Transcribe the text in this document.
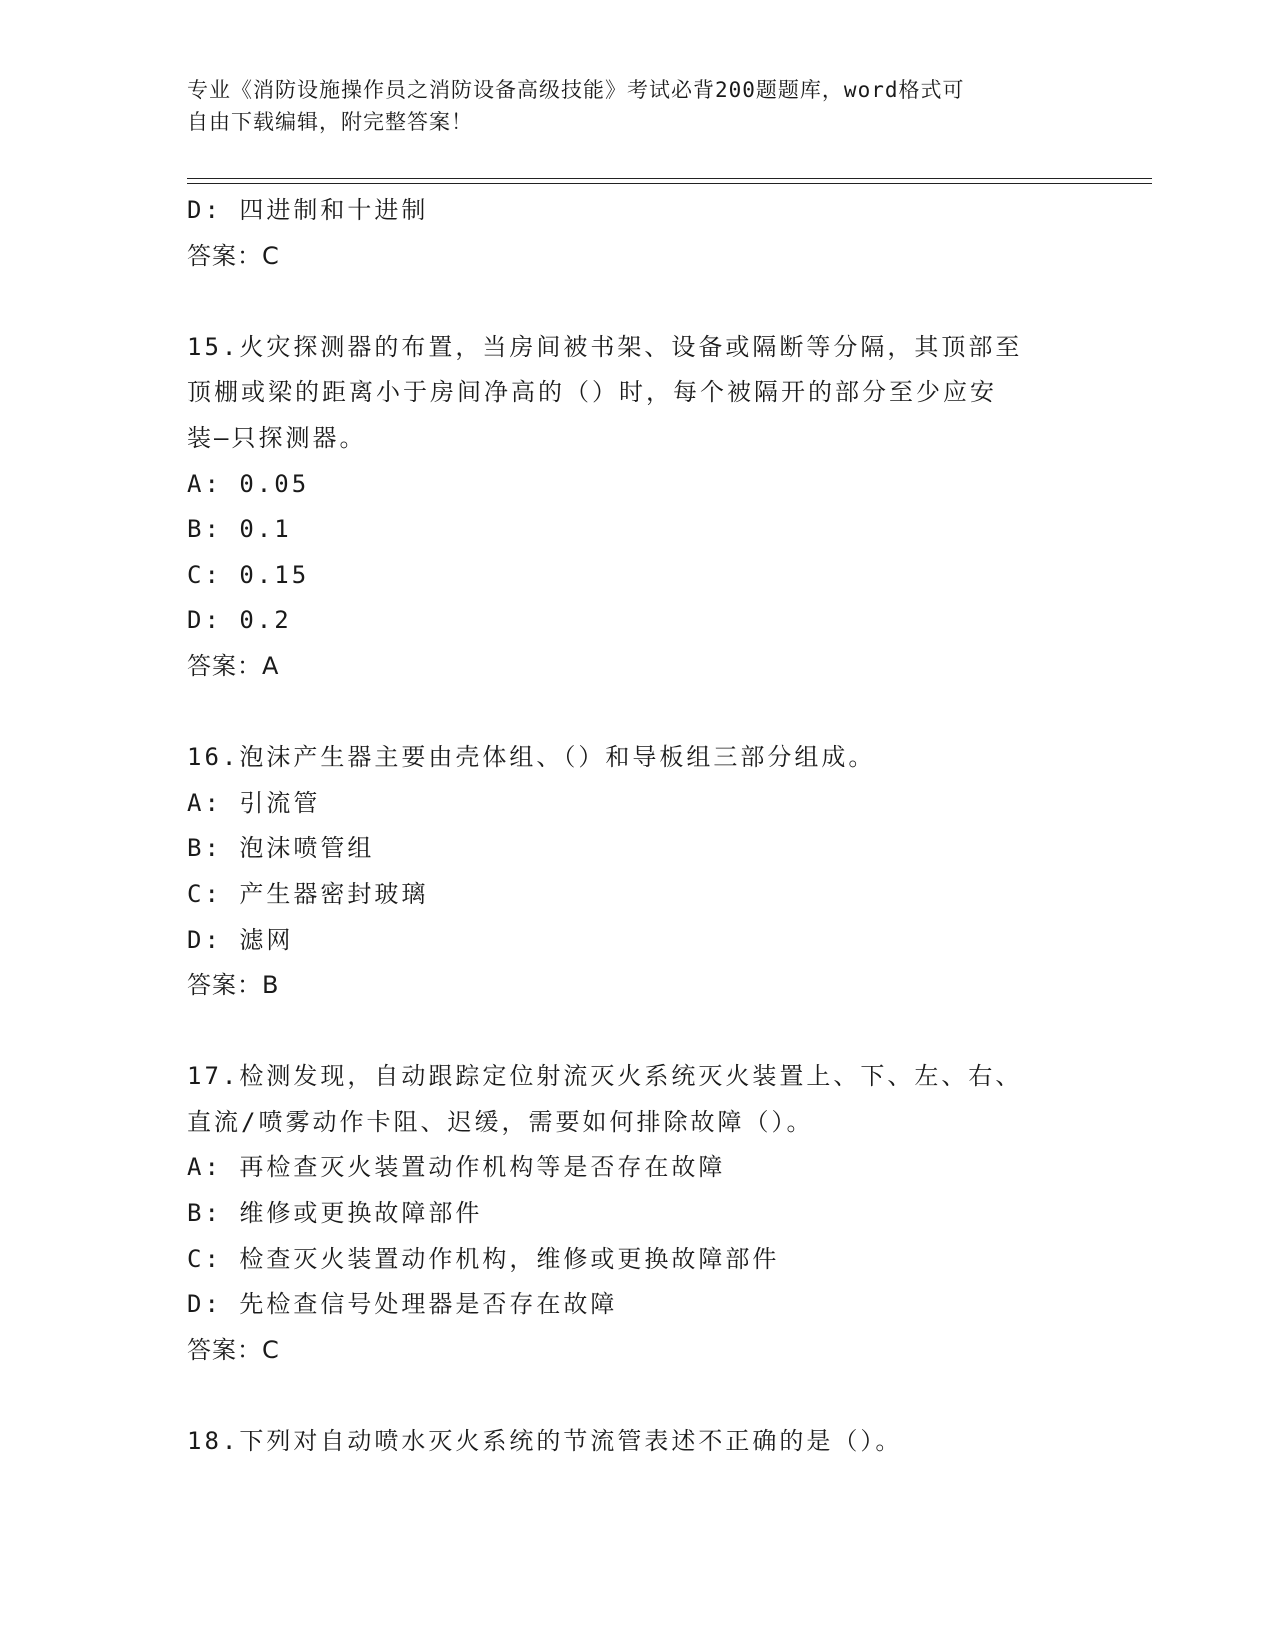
专业《消防设施操作员之消防设备高级技能》考试必背200题题库，word格式可
自由下载编辑，附完整答案！
D: 四进制和十进制
答案：C
15.火灾探测器的布置，当房间被书架、设备或隔断等分隔，其顶部至
顶棚或梁的距离小于房间净高的（）时，每个被隔开的部分至少应安
装—只探测器。
A: 0.05
B: 0.1
C: 0.15
D: 0.2
答案：A
16.泡沫产生器主要由壳体组、（）和导板组三部分组成。
A: 引流管
B: 泡沫喷管组
C: 产生器密封玻璃
D: 滤网
答案：B
17.检测发现，自动跟踪定位射流灭火系统灭火装置上、下、左、右、
直流/喷雾动作卡阻、迟缓，需要如何排除故障（）。
A: 再检查灭火装置动作机构等是否存在故障
B: 维修或更换故障部件
C: 检查灭火装置动作机构，维修或更换故障部件
D: 先检查信号处理器是否存在故障
答案：C
18.下列对自动喷水灭火系统的节流管表述不正确的是（）。
